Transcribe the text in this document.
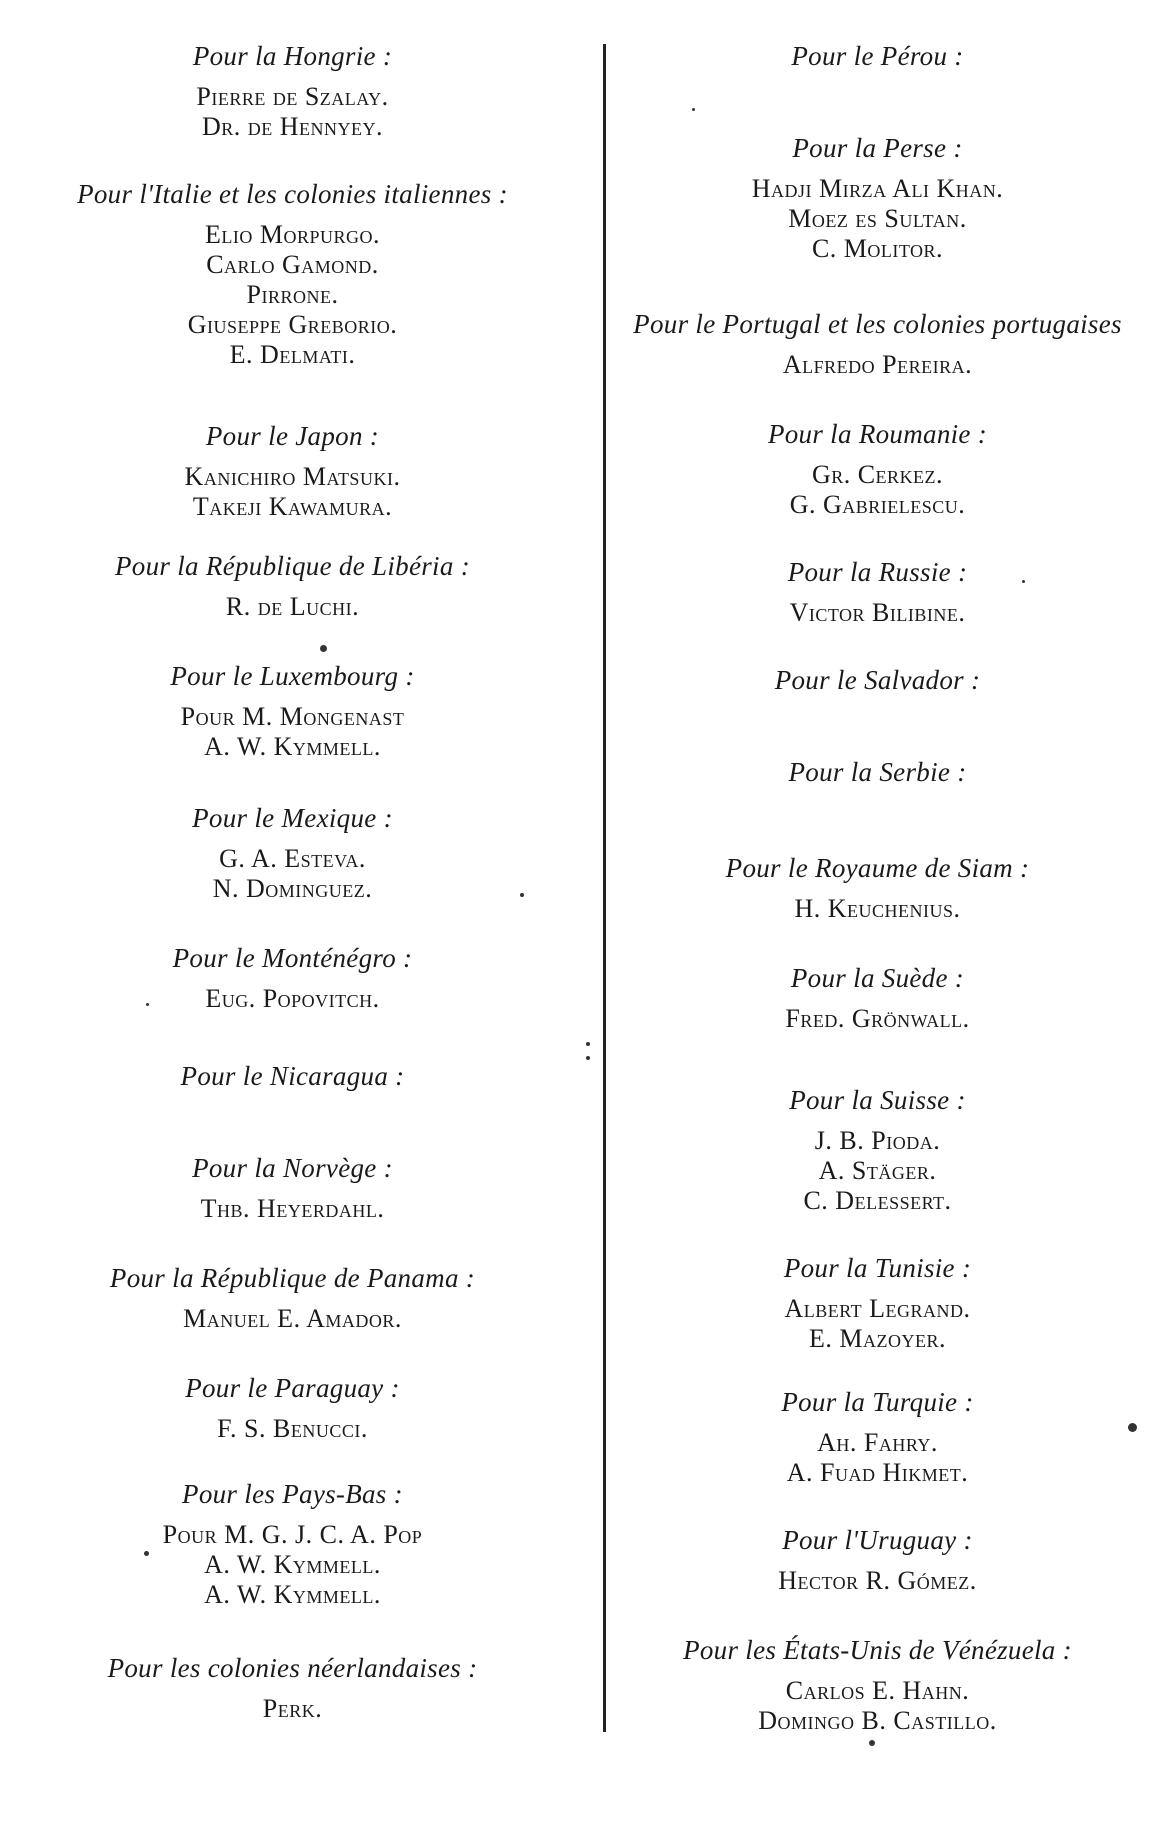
Pour la Hongrie :
Pierre de Szalay.
Dr. de Hennyey.
Pour l'Italie et les colonies italiennes :
Elio Morpurgo.
Carlo Gamond.
Pirrone.
Giuseppe Greborio.
E. Delmati.
Pour le Japon :
Kanichiro Matsuki.
Takeji Kawamura.
Pour la République de Libéria :
R. de Luchi.
Pour le Luxembourg :
Pour M. Mongenast
A. W. Kymmell.
Pour le Mexique :
G. A. Esteva.
N. Dominguez.
Pour le Monténégro :
Eug. Popovitch.
Pour le Nicaragua :
Pour la Norvège :
Thb. Heyerdahl.
Pour la République de Panama :
Manuel E. Amador.
Pour le Paraguay :
F. S. Benucci.
Pour les Pays-Bas :
Pour M. G. J. C. A. Pop
A. W. Kymmell.
A. W. Kymmell.
Pour les colonies néerlandaises :
Perk.
Pour le Pérou :
Pour la Perse :
Hadji Mirza Ali Khan.
Moez es Sultan.
C. Molitor.
Pour le Portugal et les colonies portugaises
Alfredo Pereira.
Pour la Roumanie :
Gr. Cerkez.
G. Gabrielescu.
Pour la Russie :
Victor Bilibine.
Pour le Salvador :
Pour la Serbie :
Pour le Royaume de Siam :
H. Keuchenius.
Pour la Suède :
Fred. Grönwall.
Pour la Suisse :
J. B. Pioda.
A. Stäger.
C. Delessert.
Pour la Tunisie :
Albert Legrand.
E. Mazoyer.
Pour la Turquie :
Ah. Fahry.
A. Fuad Hikmet.
Pour l'Uruguay :
Hector R. Gómez.
Pour les États-Unis de Vénézuela :
Carlos E. Hahn.
Domingo B. Castillo.
